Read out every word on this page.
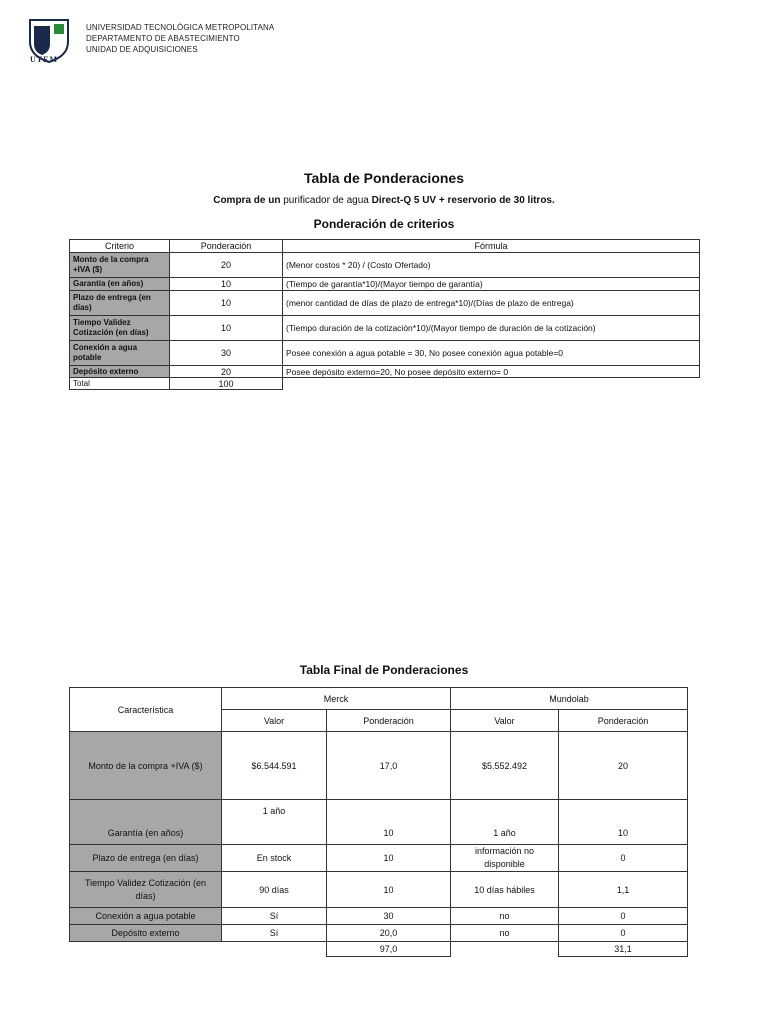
UTEM
UNIVERSIDAD TECNOLÓGICA METROPOLITANA
DEPARTAMENTO DE ABASTECIMIENTO
UNIDAD DE ADQUISICIONES
Tabla de Ponderaciones
Compra de un purificador de agua Direct-Q 5 UV + reservorio de 30 litros.
Ponderación de criterios
Criterio	Ponderación	Fórmula
Monto de la compra +IVA ($)	20	(Menor costos * 20) / (Costo Ofertado)
Garantía (en años)	10	(Tiempo de garantía*10)/(Mayor tiempo de garantía)
Plazo de entrega (en días)	10	(menor cantidad de días de plazo de entrega*10)/(Días de plazo de entrega)
Tiempo Validez Cotización (en días)	10	(Tiempo duración de la cotización*10)/(Mayor tiempo de duración de la cotización)
Conexión a agua potable	30	Posee conexión a agua potable = 30, No posee conexión agua potable=0
Depósito externo	20	Posee depósito externo=20, No posee depósito externo= 0
Total	100	
Tabla Final de Ponderaciones
Característica	Merck		Mundolab	
	Valor	Ponderación	Valor	Ponderación
Monto de la compra +IVA ($)	$6.544.591	17,0	$5.552.492	20
Garantía (en años)	1 año	10	1 año	10
Plazo de entrega (en días)	En stock	10	información no disponible	0
Tiempo Validez Cotización (en días)	90 días	10	10 días hábiles	1,1
Conexión a agua potable	Sí	30	no	0
Depósito externo	Sí	20,0	no	0
		97,0		31,1
